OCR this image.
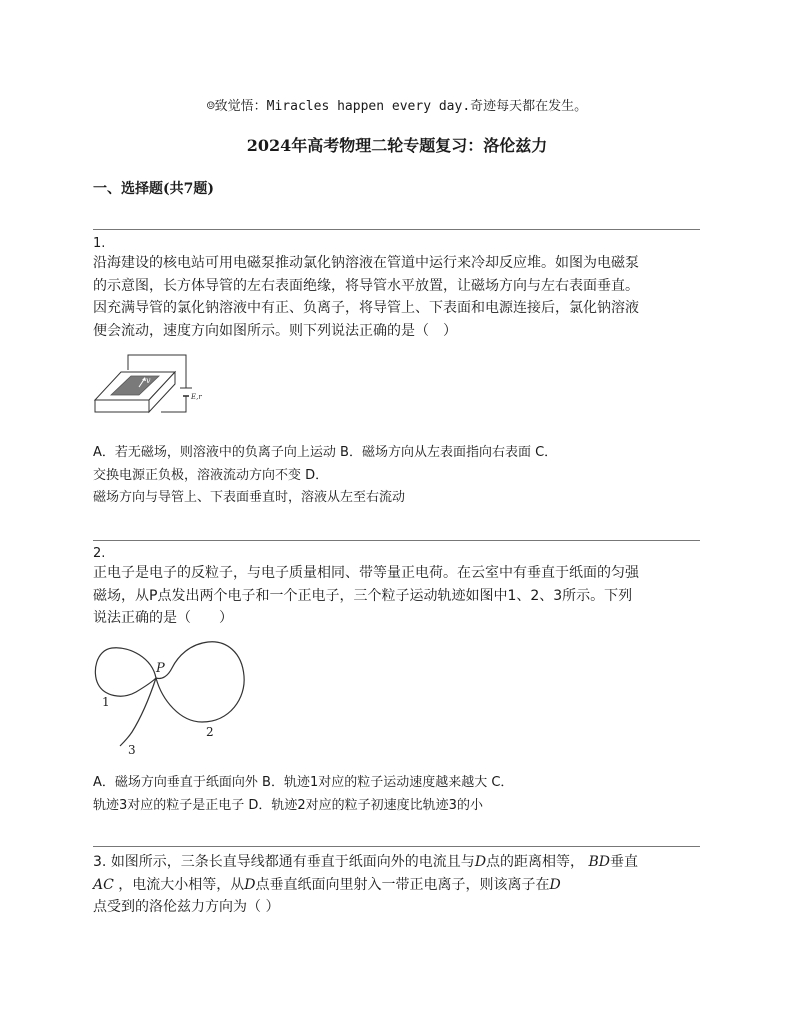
☺致觉悟：Miracles happen every day.奇迹每天都在发生。
2024年高考物理二轮专题复习：洛伦兹力
一、选择题(共7题)
1.
沿海建设的核电站可用电磁泵推动氯化钠溶液在管道中运行来冷却反应堆。如图为电磁泵
的示意图，长方体导管的左右表面绝缘，将导管水平放置，让磁场方向与左右表面垂直。
因充满导管的氯化钠溶液中有正、负离子，将导管上、下表面和电源连接后，氯化钠溶液
便会流动，速度方向如图所示。则下列说法正确的是（　）
v
E,r
A．若无磁场，则溶液中的负离子向上运动 B．磁场方向从左表面指向右表面 C．
交换电源正负极，溶液流动方向不变 D．
磁场方向与导管上、下表面垂直时，溶液从左至右流动
2.
正电子是电子的反粒子，与电子质量相同、带等量正电荷。在云室中有垂直于纸面的匀强
磁场，从P点发出两个电子和一个正电子，三个粒子运动轨迹如图中1、2、3所示。下列
说法正确的是（　　）
P
1
2
3
A．磁场方向垂直于纸面向外 B．轨迹1对应的粒子运动速度越来越大 C．
轨迹3对应的粒子是正电子 D．轨迹2对应的粒子初速度比轨迹3的小
3. 如图所示，三条长直导线都通有垂直于纸面向外的电流且与D点的距离相等， BD垂直
AC ，电流大小相等，从D点垂直纸面向里射入一带正电离子，则该离子在D
点受到的洛伦兹力方向为（ ）
